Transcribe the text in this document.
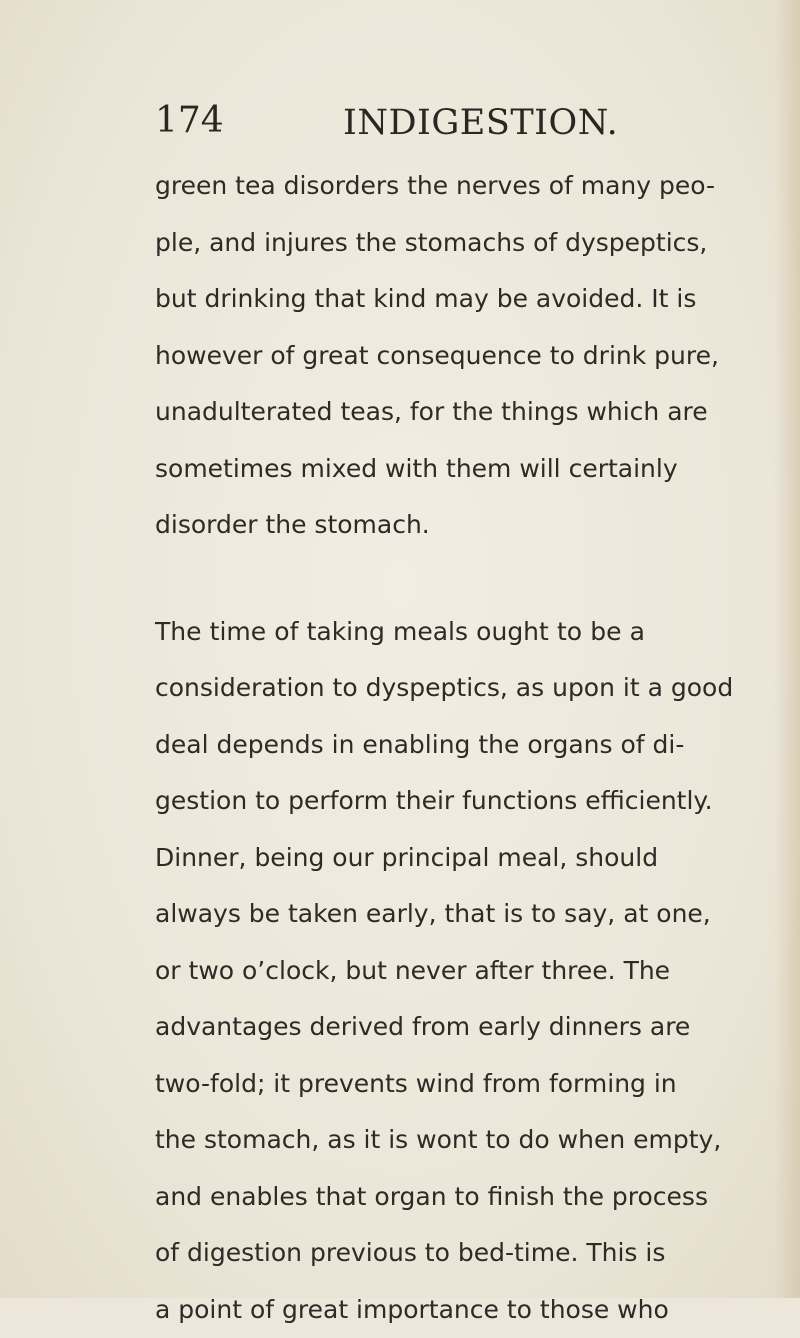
174	INDIGESTION.
green tea disorders the nerves of many peo-
ple, and injures the stomachs of dyspeptics,
but drinking that kind may be avoided. It is
however of great consequence to drink pure,
unadulterated teas, for the things which are
sometimes mixed with them will certainly
disorder the stomach.
The time of taking meals ought to be a
consideration to dyspeptics, as upon it a good
deal depends in enabling the organs of di-
gestion to perform their functions efficiently.
Dinner, being our principal meal, should
always be taken early, that is to say, at one,
or two o’clock, but never after three. The
advantages derived from early dinners are
two-fold; it prevents wind from forming in
the stomach, as it is wont to do when empty,
and enables that organ to finish the process
of digestion previous to bed-time. This is
a point of great importance to those who
